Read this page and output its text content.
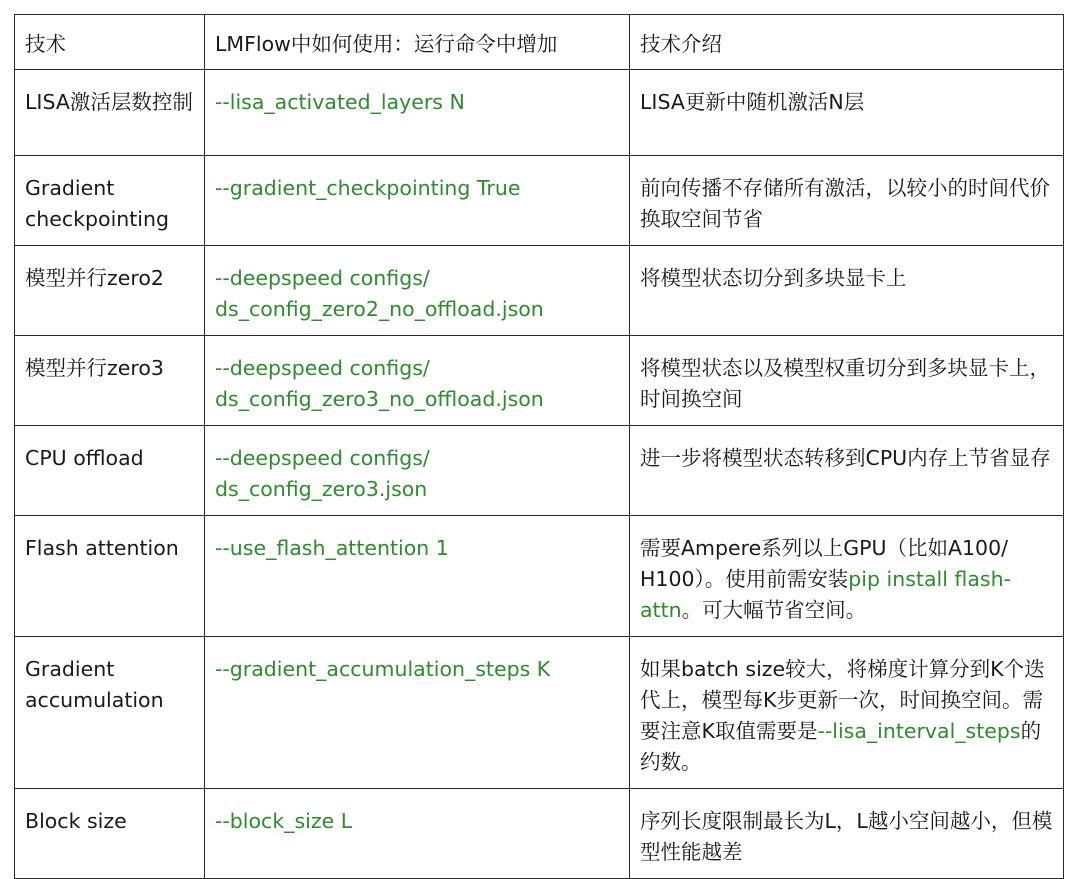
技术	LMFlow中如何使用：运行命令中增加	技术介绍
LISA激活层数控制	--lisa_activated_layers N	LISA更新中随机激活N层
Gradient checkpointing	--gradient_checkpointing True	前向传播不存储所有激活，以较小的时间代价换取空间节省
模型并行zero2	--deepspeed configs/ ds_config_zero2_no_offload.json	将模型状态切分到多块显卡上
模型并行zero3	--deepspeed configs/ ds_config_zero3_no_offload.json	将模型状态以及模型权重切分到多块显卡上，时间换空间
CPU offload	--deepspeed configs/ ds_config_zero3.json	进一步将模型状态转移到CPU内存上节省显存
Flash attention	--use_flash_attention 1	需要Ampere系列以上GPU（比如A100/ H100）。使用前需安装pip install flash-attn。可大幅节省空间。
Gradient accumulation	--gradient_accumulation_steps K	如果batch size较大，将梯度计算分到K个迭代上，模型每K步更新一次，时间换空间。需要注意K取值需要是--lisa_interval_steps的约数。
Block size	--block_size L	序列长度限制最长为L，L越小空间越小，但模型性能越差
